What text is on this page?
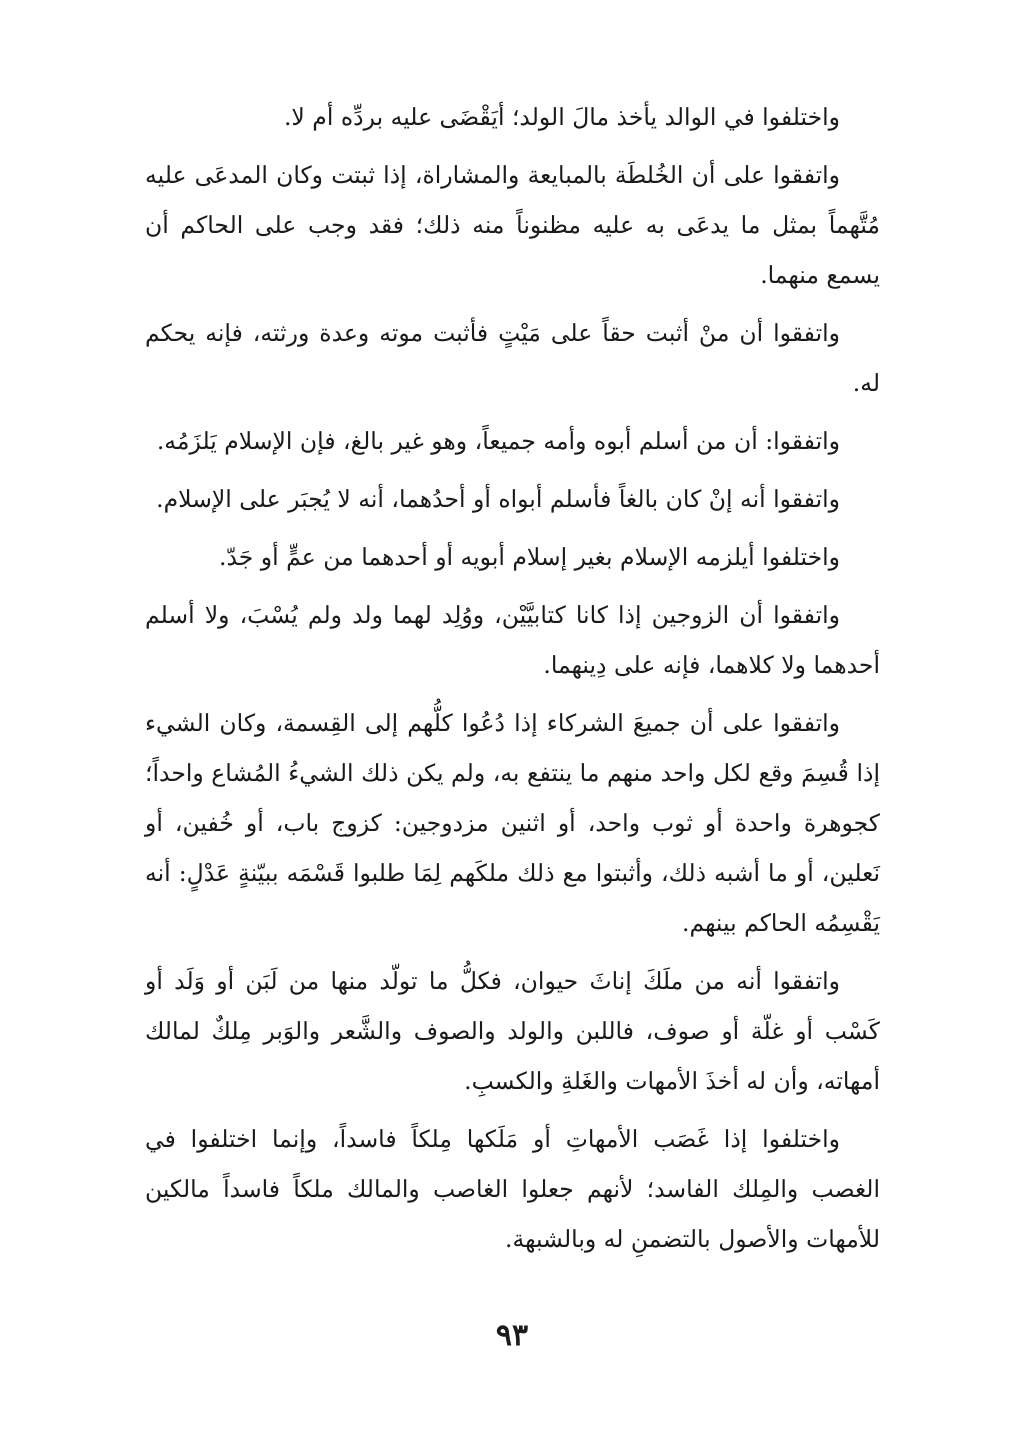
واختلفوا في الوالد يأخذ مالَ الولد؛ أيَقْضَى عليه بردِّه أم لا.

واتفقوا على أن الخُلطَة بالمبايعة والمشاراة، إذا ثبتت وكان المدعَى عليه مُتَّهماً بمثل ما يدعَى به عليه مظنوناً منه ذلك؛ فقد وجب على الحاكم أن يسمع منهما.

واتفقوا أن منْ أثبت حقاً على مَيْتٍ فأثبت موته وعدة ورثته، فإنه يحكم له.

واتفقوا: أن من أسلم أبوه وأمه جميعاً، وهو غير بالغ، فإن الإسلام يَلزَمُه.

واتفقوا أنه إنْ كان بالغاً فأسلم أبواه أو أحدُهما، أنه لا يُجبَر على الإسلام.

واختلفوا أيلزمه الإسلام بغير إسلام أبويه أو أحدهما من عمٍّ أو جَدّ.

واتفقوا أن الزوجين إذا كانا كتابيَّيْن، ووُلِد لهما ولد ولم يُسْبَ، ولا أسلم أحدهما ولا كلاهما، فإنه على دِينهما.

واتفقوا على أن جميعَ الشركاء إذا دُعُوا كلُّهم إلى القِسمة، وكان الشيء إذا قُسِمَ وقع لكل واحد منهم ما ينتفع به، ولم يكن ذلك الشيءُ المُشاع واحداً؛ كجوهرة واحدة أو ثوب واحد، أو اثنين مزدوجين: كزوج باب، أو خُفين، أو نَعلين، أو ما أشبه ذلك، وأثبتوا مع ذلك ملكَهم لِمَا طلبوا قَسْمَه ببيّنةٍ عَدْلٍ: أنه يَقْسِمُه الحاكم بينهم.

واتفقوا أنه من ملَكَ إناثَ حيوان، فكلُّ ما تولّد منها من لَبَن أو وَلَد أو كَسْب أو غلّة أو صوف، فاللبن والولد والصوف والشَّعر والوَبر مِلكٌ لمالك أمهاته، وأن له أخذَ الأمهات والغَلةِ والكسبِ.

واختلفوا إذا غَصَب الأمهاتِ أو مَلَكها مِلكاً فاسداً، وإنما اختلفوا في الغصب والمِلك الفاسد؛ لأنهم جعلوا الغاصب والمالك ملكاً فاسداً مالكين للأمهات والأصول بالتضمنِ له وبالشبهة.

٩٣
